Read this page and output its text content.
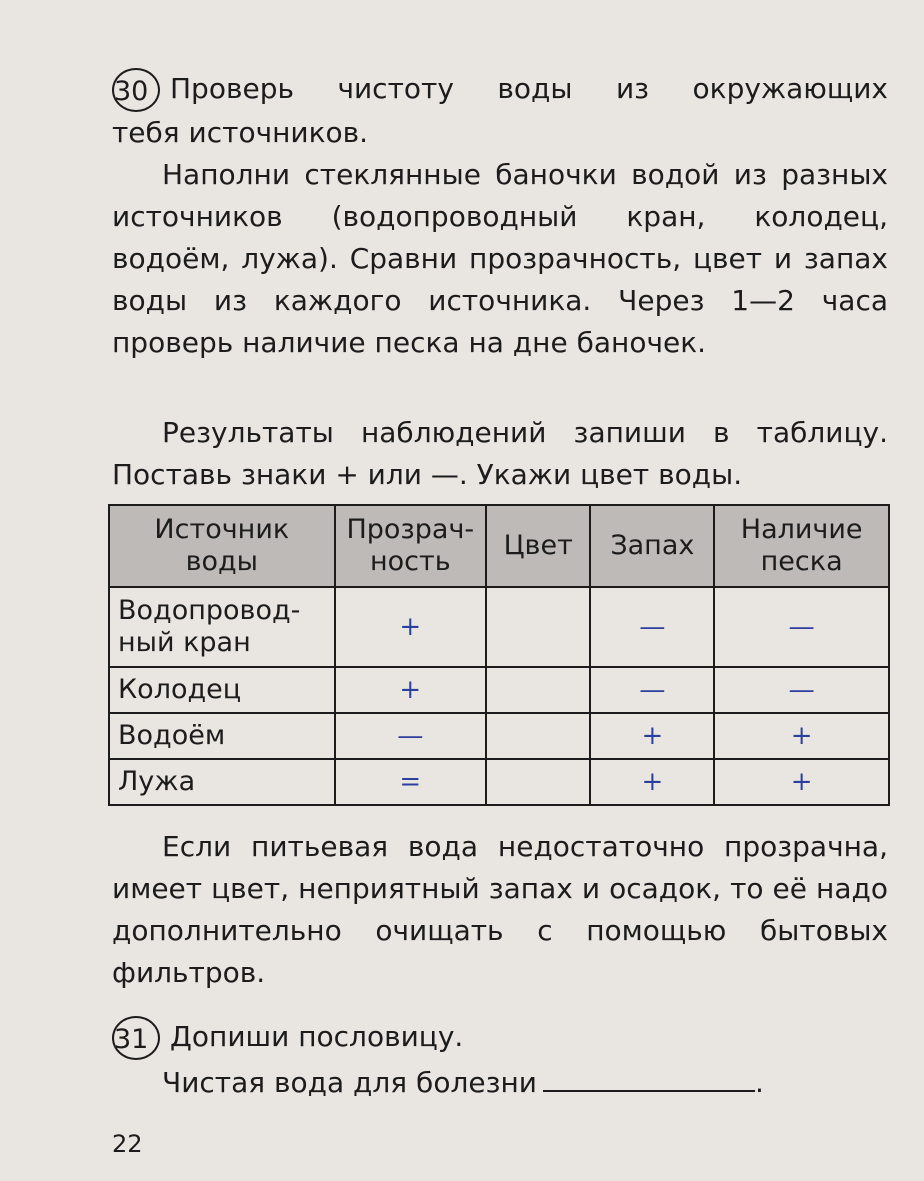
30 Проверь чистоту воды из окружающих
тебя источников.
Наполни стеклянные баночки водой из разных источников (водопроводный кран, колодец, водоём, лужа). Сравни прозрачность, цвет и запах воды из каждого источника. Через 1—2 часа проверь наличие песка на дне баночек.
Результаты наблюдений запиши в таблицу. Поставь знаки + или —. Укажи цвет воды.
Источник воды	Прозрач-ность	Цвет	Запах	Наличие песка
Водопровод-ный кран	+		—	—
Колодец	+		—	—
Водоём	—		+	+
Лужа	=		+	+
Если питьевая вода недостаточно прозрачна, имеет цвет, неприятный запах и осадок, то её надо дополнительно очищать с помощью бытовых фильтров.
31 Допиши пословицу.
Чистая вода для болезни	.
22
